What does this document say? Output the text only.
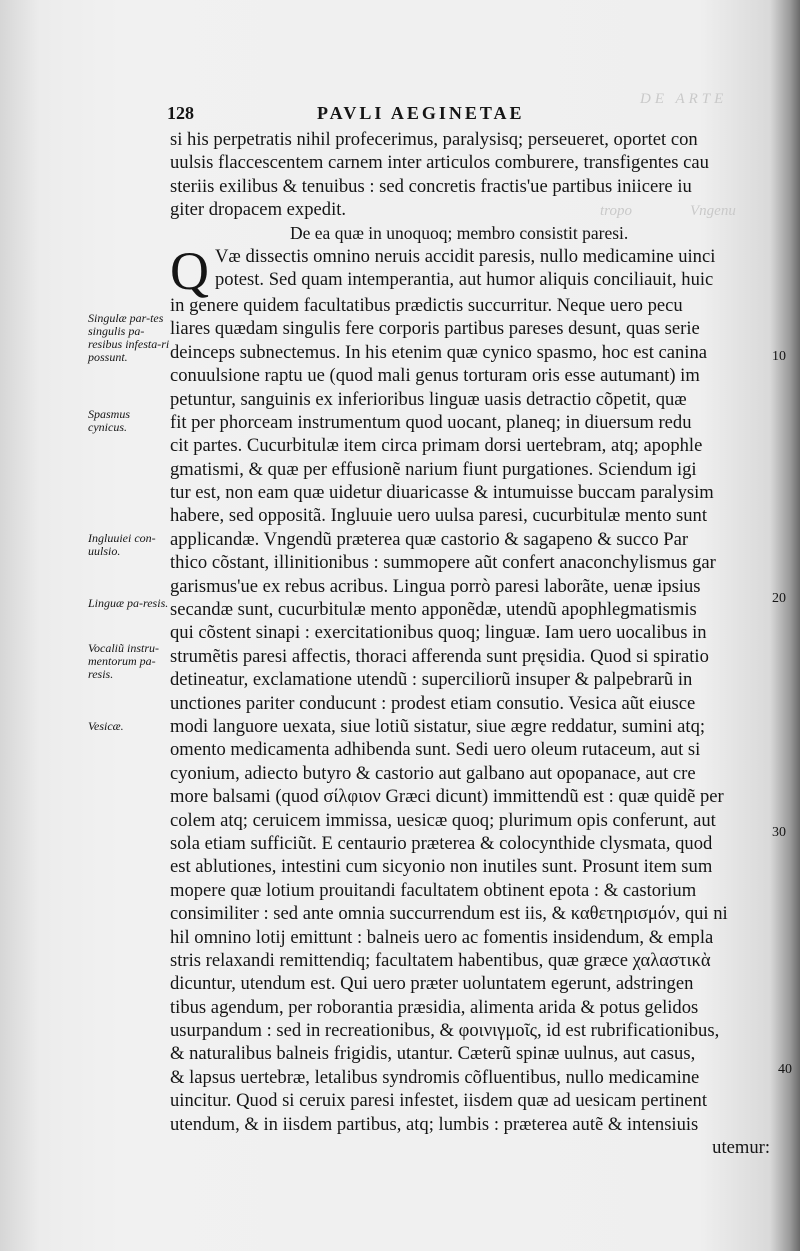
DE ARTE
tropo	Vngenu
128	PAVLI AEGINETAE
si his perpetratis nihil profecerimus, paralysisq; perseueret, oportet con
uulsis flaccescentem carnem inter articulos comburere, transfigentes cau
steriis exilibus & tenuibus : sed concretis fractis'ue partibus iniicere iu
giter dropacem expedit.
De ea quæ in unoquoq; membro consistit paresi.
Q Væ dissectis omnino neruis accidit paresis, nullo medicamine uinci
potest. Sed quam intemperantia, aut humor aliquis conciliauit, huic
in genere quidem facultatibus prædictis succurritur. Neque uero pecu
liares quædam singulis fere corporis partibus pareses desunt, quas serie
deinceps subnectemus. In his etenim quæ cynico spasmo, hoc est canina
conuulsione raptu ue (quod mali genus torturam oris esse autumant) im
petuntur, sanguinis ex inferioribus linguæ uasis detractio cõpetit, quæ
fit per phorceam instrumentum quod uocant, planeq; in diuersum redu
cit partes. Cucurbitulæ item circa primam dorsi uertebram, atq; apophle
gmatismi, & quæ per effusionẽ narium fiunt purgationes. Sciendum igi
tur est, non eam quæ uidetur diuaricasse & intumuisse buccam paralysim
habere, sed oppositã. Ingluuie uero uulsa paresi, cucurbitulæ mento sunt
applicandæ. Vngendũ præterea quæ castorio & sagapeno & succo Par
thico cõstant, illinitionibus : summopere aũt confert anaconchylismus gar
garismus'ue ex rebus acribus. Lingua porrò paresi laborãte, uenæ ipsius
secandæ sunt, cucurbitulæ mento apponẽdæ, utendũ apophlegmatismis
qui cõstent sinapi : exercitationibus quoq; linguæ. Iam uero uocalibus in
strumẽtis paresi affectis, thoraci afferenda sunt pręsidia. Quod si spiratio
detineatur, exclamatione utendũ : superciliorũ insuper & palpebrarũ in
unctiones pariter conducunt : prodest etiam consutio. Vesica aũt eiusce
modi languore uexata, siue lotiũ sistatur, siue ægre reddatur, sumini atq;
omento medicamenta adhibenda sunt. Sedi uero oleum rutaceum, aut si
cyonium, adiecto butyro & castorio aut galbano aut opopanace, aut cre
more balsami (quod σίλφιον Græci dicunt) immittendũ est : quæ quidẽ per
colem atq; ceruicem immissa, uesicæ quoq; plurimum opis conferunt, aut
sola etiam sufficiũt. E centaurio præterea & colocynthide clysmata, quod
est ablutiones, intestini cum sicyonio non inutiles sunt. Prosunt item sum
mopere quæ lotium prouitandi facultatem obtinent epota : & castorium
consimiliter : sed ante omnia succurrendum est iis, & καθετηρισμόν, qui ni
hil omnino lotij emittunt : balneis uero ac fomentis insidendum, & empla
stris relaxandi remittendiq; facultatem habentibus, quæ græce χαλαστικὰ
dicuntur, utendum est. Qui uero præter uoluntatem egerunt, adstringen
tibus agendum, per roborantia præsidia, alimenta arida & potus gelidos
usurpandum : sed in recreationibus, & φοινιγμοῖς, id est rubrificationibus,
& naturalibus balneis frigidis, utantur. Cæterũ spinæ uulnus, aut casus,
& lapsus uertebræ, letalibus syndromis cõfluentibus, nullo medicamine
uincitur. Quod si ceruix paresi infestet, iisdem quæ ad uesicam pertinent
utendum, & in iisdem partibus, atq; lumbis : præterea autẽ & intensiuis
utemur:
Singulæ par-tes singulis pa-resibus infesta-ri possunt.
Spasmus cynicus.
Ingluuiei con-uulsio.
Linguæ pa-resis.
Vocaliũ instru-mentorum pa-resis.
Vesicæ.
10
20
30
40
